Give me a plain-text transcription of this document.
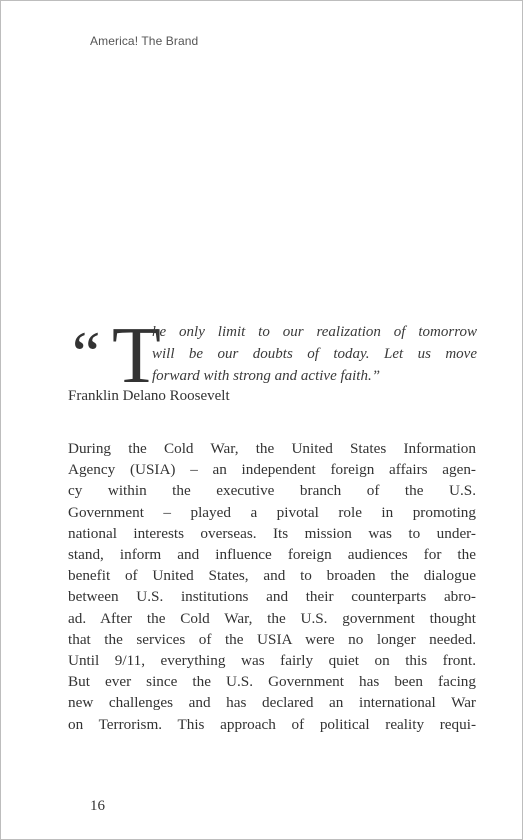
America! The Brand
“ T
he only limit to our realization of tomorrow
will be our doubts of today. Let us move
forward with strong and active faith.”
Franklin Delano Roosevelt
During the Cold War, the United States Information
Agency (USIA) – an independent foreign affairs agen-
cy within the executive branch of the U.S.
Government – played a pivotal role in promoting
national interests overseas. Its mission was to under-
stand, inform and influence foreign audiences for the
benefit of United States, and to broaden the dialogue
between U.S. institutions and their counterparts abro-
ad. After the Cold War, the U.S. government thought
that the services of the USIA were no longer needed.
Until 9/11, everything was fairly quiet on this front.
But ever since the U.S. Government has been facing
new challenges and has declared an international War
on Terrorism. This approach of political reality requi-
16
